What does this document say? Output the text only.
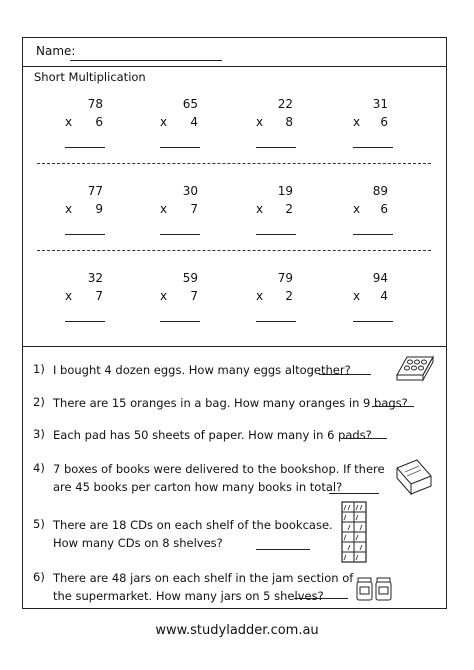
Name:
Short Multiplication
78
x	6
65
x	4
22
x	8
31
x	6
77
x	9
30
x	7
19
x	2
89
x	6
32
x	7
59
x	7
79
x	2
94
x	4
1) I bought 4 dozen eggs. How many eggs altogether?
2) There are 15 oranges in a bag. How many oranges in 9 bags?
3) Each pad has 50 sheets of paper. How many in 6 pads?
4) 7 boxes of books were delivered to the bookshop. If there
are 45 books per carton how many books in total?
5) There are 18 CDs on each shelf of the bookcase.
How many CDs on 8 shelves?
6) There are 48 jars on each shelf in the jam section of
the supermarket. How many jars on 5 shelves?
www.studyladder.com.au
